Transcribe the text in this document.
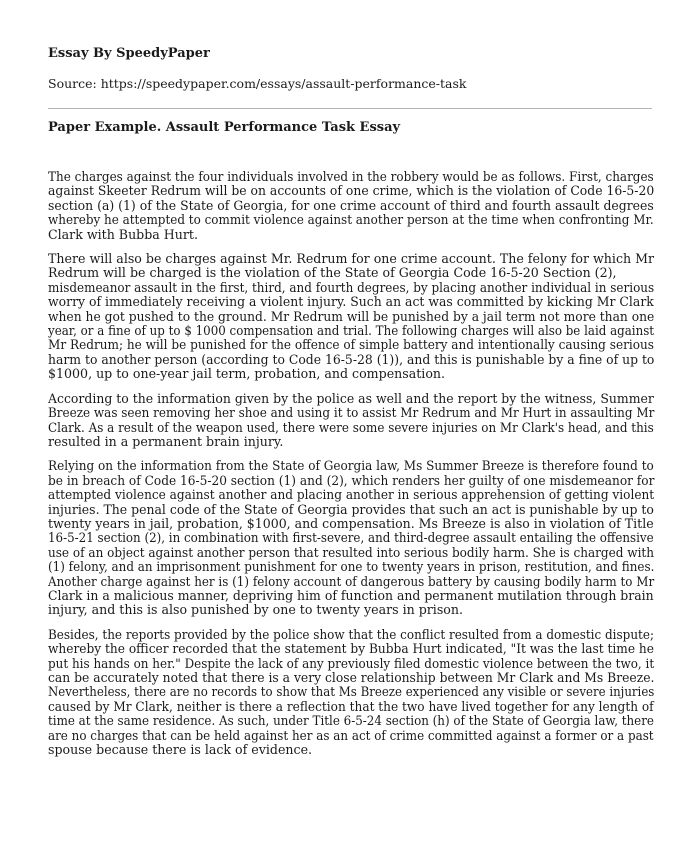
Essay By SpeedyPaper
Source: https://speedypaper.com/essays/assault-performance-task
Paper Example. Assault Performance Task Essay

The charges against the four individuals involved in the robbery would be as follows. First, charges
against Skeeter Redrum will be on accounts of one crime, which is the violation of Code 16-5-20
section (a) (1) of the State of Georgia, for one crime account of third and fourth assault degrees
whereby he attempted to commit violence against another person at the time when confronting Mr.
Clark with Bubba Hurt.

There will also be charges against Mr. Redrum for one crime account. The felony for which Mr
Redrum will be charged is the violation of the State of Georgia Code 16-5-20 Section (2),
misdemeanor assault in the first, third, and fourth degrees, by placing another individual in serious
worry of immediately receiving a violent injury. Such an act was committed by kicking Mr Clark
when he got pushed to the ground. Mr Redrum will be punished by a jail term not more than one
year, or a fine of up to $ 1000 compensation and trial. The following charges will also be laid against
Mr Redrum; he will be punished for the offence of simple battery and intentionally causing serious
harm to another person (according to Code 16-5-28 (1)), and this is punishable by a fine of up to
$1000, up to one-year jail term, probation, and compensation.

According to the information given by the police as well and the report by the witness, Summer
Breeze was seen removing her shoe and using it to assist Mr Redrum and Mr Hurt in assaulting Mr
Clark. As a result of the weapon used, there were some severe injuries on Mr Clark's head, and this
resulted in a permanent brain injury.

Relying on the information from the State of Georgia law, Ms Summer Breeze is therefore found to
be in breach of Code 16-5-20 section (1) and (2), which renders her guilty of one misdemeanor for
attempted violence against another and placing another in serious apprehension of getting violent
injuries. The penal code of the State of Georgia provides that such an act is punishable by up to
twenty years in jail, probation, $1000, and compensation. Ms Breeze is also in violation of Title
16-5-21 section (2), in combination with first-severe, and third-degree assault entailing the offensive
use of an object against another person that resulted into serious bodily harm. She is charged with
(1) felony, and an imprisonment punishment for one to twenty years in prison, restitution, and fines.
Another charge against her is (1) felony account of dangerous battery by causing bodily harm to Mr
Clark in a malicious manner, depriving him of function and permanent mutilation through brain
injury, and this is also punished by one to twenty years in prison.

Besides, the reports provided by the police show that the conflict resulted from a domestic dispute;
whereby the officer recorded that the statement by Bubba Hurt indicated, "It was the last time he
put his hands on her." Despite the lack of any previously filed domestic violence between the two, it
can be accurately noted that there is a very close relationship between Mr Clark and Ms Breeze.
Nevertheless, there are no records to show that Ms Breeze experienced any visible or severe injuries
caused by Mr Clark, neither is there a reflection that the two have lived together for any length of
time at the same residence. As such, under Title 6-5-24 section (h) of the State of Georgia law, there
are no charges that can be held against her as an act of crime committed against a former or a past
spouse because there is lack of evidence.
